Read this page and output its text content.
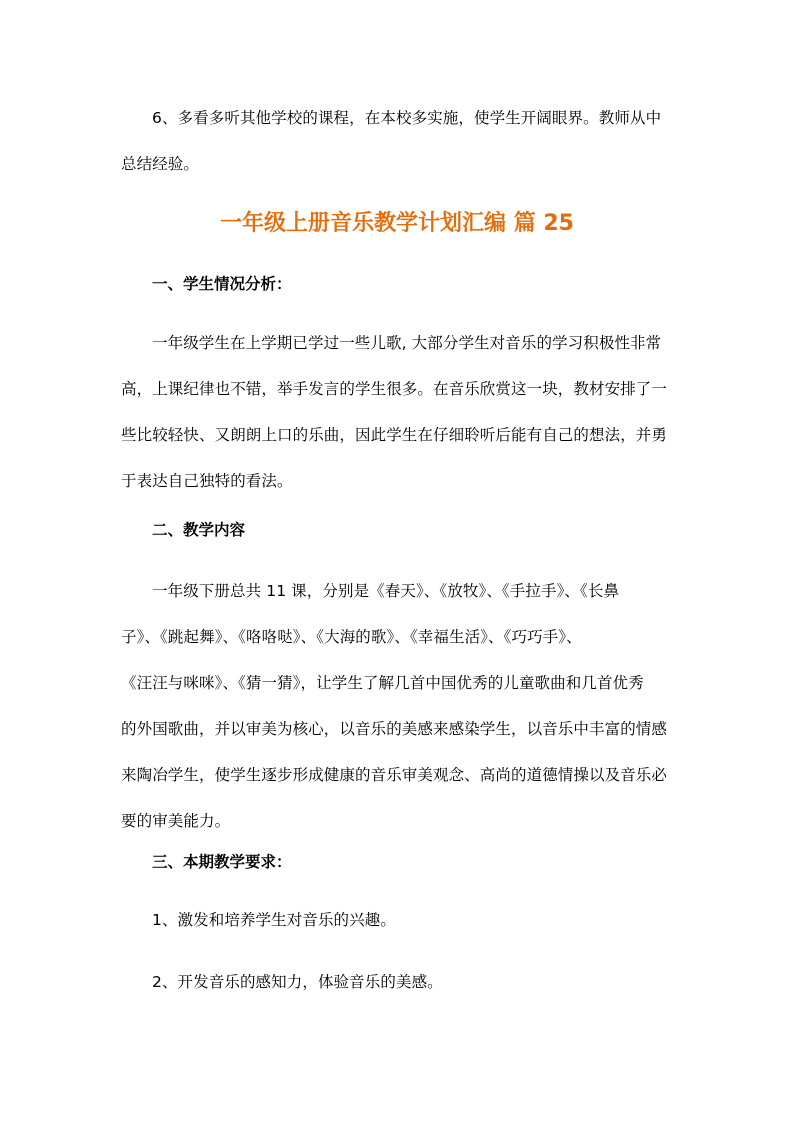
6、多看多听其他学校的课程，在本校多实施，使学生开阔眼界。教师从中
总结经验。
一年级上册音乐教学计划汇编 篇 25
一、学生情况分析：
一年级学生在上学期已学过一些儿歌, 大部分学生对音乐的学习积极性非常
高，上课纪律也不错，举手发言的学生很多。在音乐欣赏这一块，教材安排了一
些比较轻快、又朗朗上口的乐曲，因此学生在仔细聆听后能有自己的想法，并勇
于表达自己独特的看法。
二、教学内容
一年级下册总共 11 课，分别是《春天》、《放牧》、《手拉手》、《长鼻
子》、《跳起舞》、《咯咯哒》、《大海的歌》、《幸福生活》、《巧巧手》、
《汪汪与咪咪》、《猜一猜》，让学生了解几首中国优秀的儿童歌曲和几首优秀
的外国歌曲，并以审美为核心，以音乐的美感来感染学生，以音乐中丰富的情感
来陶冶学生，使学生逐步形成健康的音乐审美观念、高尚的道德情操以及音乐必
要的审美能力。
三、本期教学要求：
1、激发和培养学生对音乐的兴趣。
2、开发音乐的感知力，体验音乐的美感。
